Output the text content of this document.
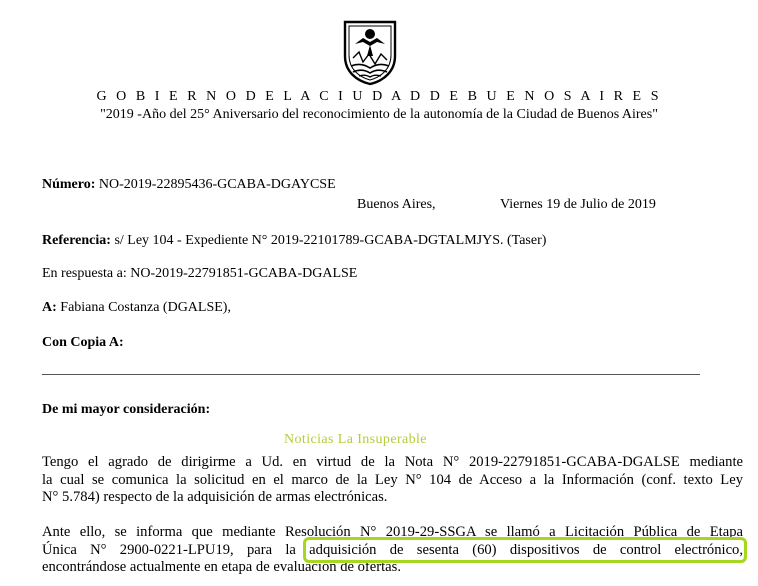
G O B I E R N O D E L A C I U D A D D E B U E N O S A I R E S
"2019 -Año del 25° Aniversario del reconocimiento de la autonomía de la Ciudad de Buenos Aires"
Número: NO-2019-22895436-GCABA-DGAYCSE
Buenos Aires,	Viernes 19 de Julio de 2019
Referencia: s/ Ley 104 - Expediente N° 2019-22101789-GCABA-DGTALMJYS. (Taser)
En respuesta a: NO-2019-22791851-GCABA-DGALSE
A: Fabiana Costanza (DGALSE),
Con Copia A:
De mi mayor consideración:
Noticias La Insuperable
Tengo el agrado de dirigirme a Ud. en virtud de la Nota N° 2019-22791851-GCABA-DGALSE mediante
la cual se comunica la solicitud en el marco de la Ley N° 104 de Acceso a la Información (conf. texto Ley
N° 5.784) respecto de la adquisición de armas electrónicas.
Ante ello, se informa que mediante Resolución N° 2019-29-SSGA se llamó a Licitación Pública de Etapa
Única N° 2900-0221-LPU19, para la adquisición de sesenta (60) dispositivos de control electrónico,
encontrándose actualmente en etapa de evaluación de ofertas.
